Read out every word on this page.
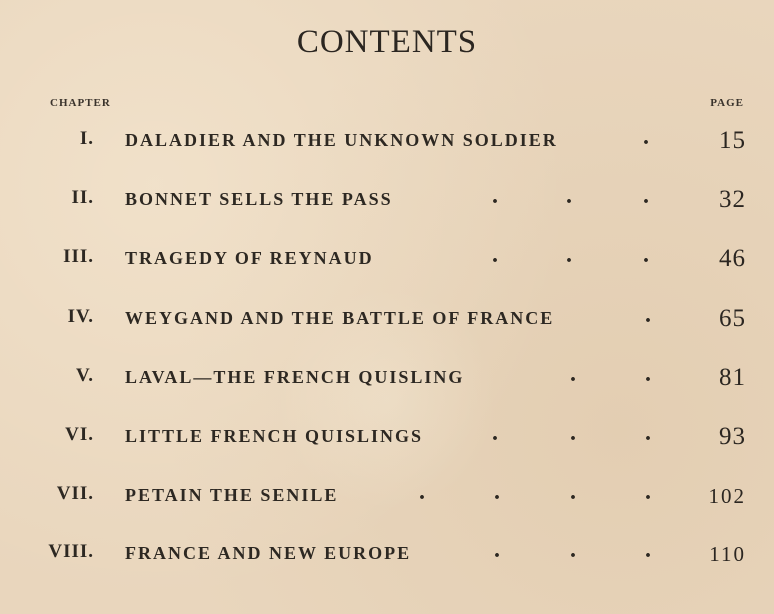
CONTENTS
CHAPTER	PAGE
I. DALADIER AND THE UNKNOWN SOLDIER	.	15
II. BONNET SELLS THE PASS	.	.	.	32
III. TRAGEDY OF REYNAUD	.	.	.	46
IV. WEYGAND AND THE BATTLE OF FRANCE	.	65
V. LAVAL—THE FRENCH QUISLING	.	.	81
VI. LITTLE FRENCH QUISLINGS	.	.	.	93
VII. PETAIN THE SENILE	.	.	.	.	102
VIII. FRANCE AND NEW EUROPE	.	.	.	110
